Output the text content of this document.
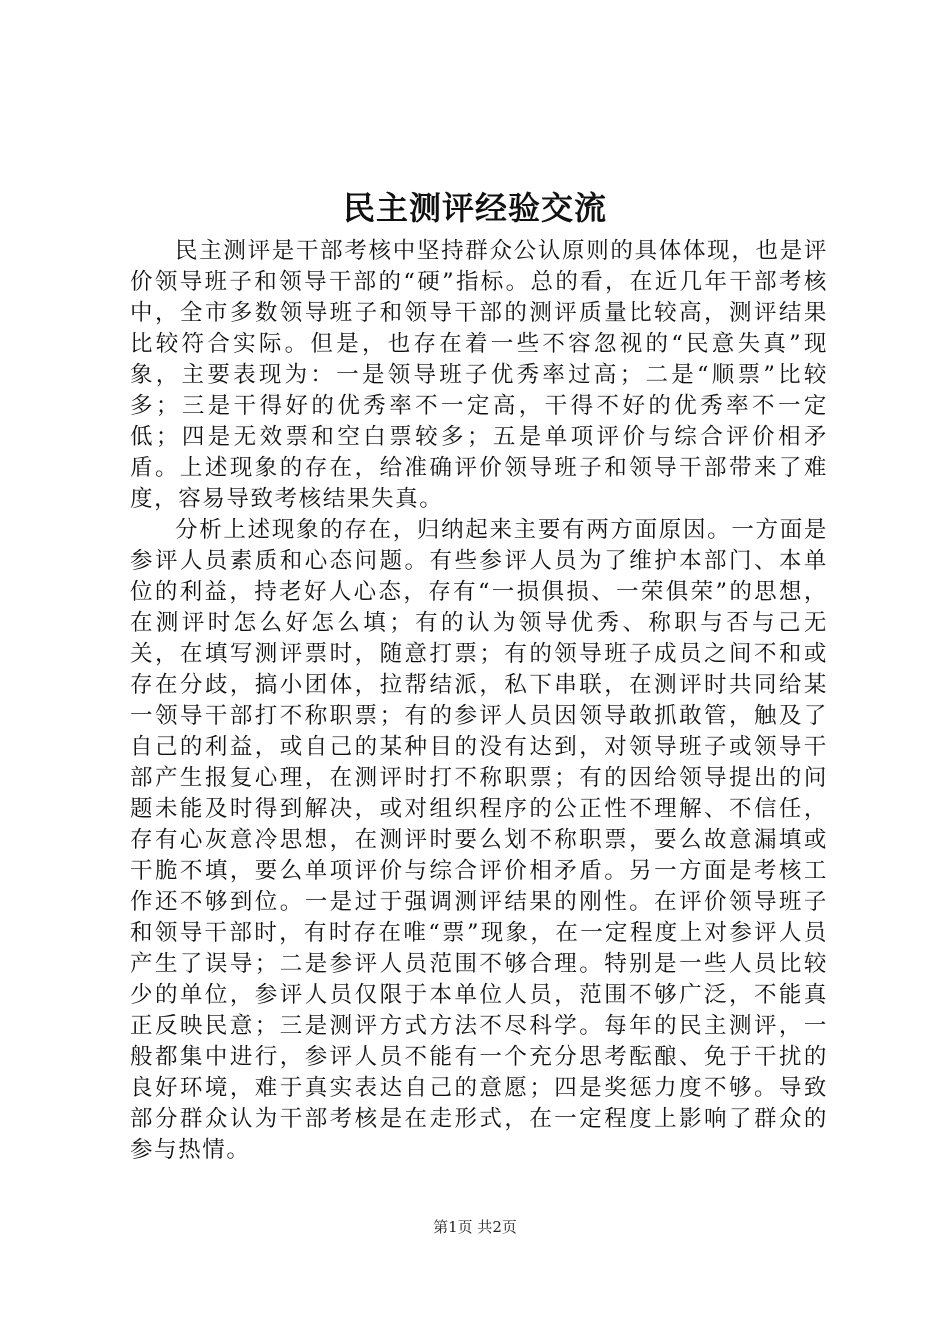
民主测评经验交流

民主测评是干部考核中坚持群众公认原则的具体体现，也是评价领导班子和领导干部的“硬”指标。总的看，在近几年干部考核中，全市多数领导班子和领导干部的测评质量比较高，测评结果比较符合实际。但是，也存在着一些不容忽视的“民意失真”现象，主要表现为：一是领导班子优秀率过高；二是“顺票”比较多；三是干得好的优秀率不一定高，干得不好的优秀率不一定低；四是无效票和空白票较多；五是单项评价与综合评价相矛盾。上述现象的存在，给准确评价领导班子和领导干部带来了难度，容易导致考核结果失真。

分析上述现象的存在，归纳起来主要有两方面原因。一方面是参评人员素质和心态问题。有些参评人员为了维护本部门、本单位的利益，持老好人心态，存有“一损俱损、一荣俱荣”的思想，在测评时怎么好怎么填；有的认为领导优秀、称职与否与己无关，在填写测评票时，随意打票；有的领导班子成员之间不和或存在分歧，搞小团体，拉帮结派，私下串联，在测评时共同给某一领导干部打不称职票；有的参评人员因领导敢抓敢管，触及了自己的利益，或自己的某种目的没有达到，对领导班子或领导干部产生报复心理，在测评时打不称职票；有的因给领导提出的问题未能及时得到解决，或对组织程序的公正性不理解、不信任，存有心灰意冷思想，在测评时要么划不称职票，要么故意漏填或干脆不填，要么单项评价与综合评价相矛盾。另一方面是考核工作还不够到位。一是过于强调测评结果的刚性。在评价领导班子和领导干部时，有时存在唯“票”现象，在一定程度上对参评人员产生了误导；二是参评人员范围不够合理。特别是一些人员比较少的单位，参评人员仅限于本单位人员，范围不够广泛，不能真正反映民意；三是测评方式方法不尽科学。每年的民主测评，一般都集中进行，参评人员不能有一个充分思考酝酿、免于干扰的良好环境，难于真实表达自己的意愿；四是奖惩力度不够。导致部分群众认为干部考核是在走形式，在一定程度上影响了群众的参与热情。

第1页 共2页
